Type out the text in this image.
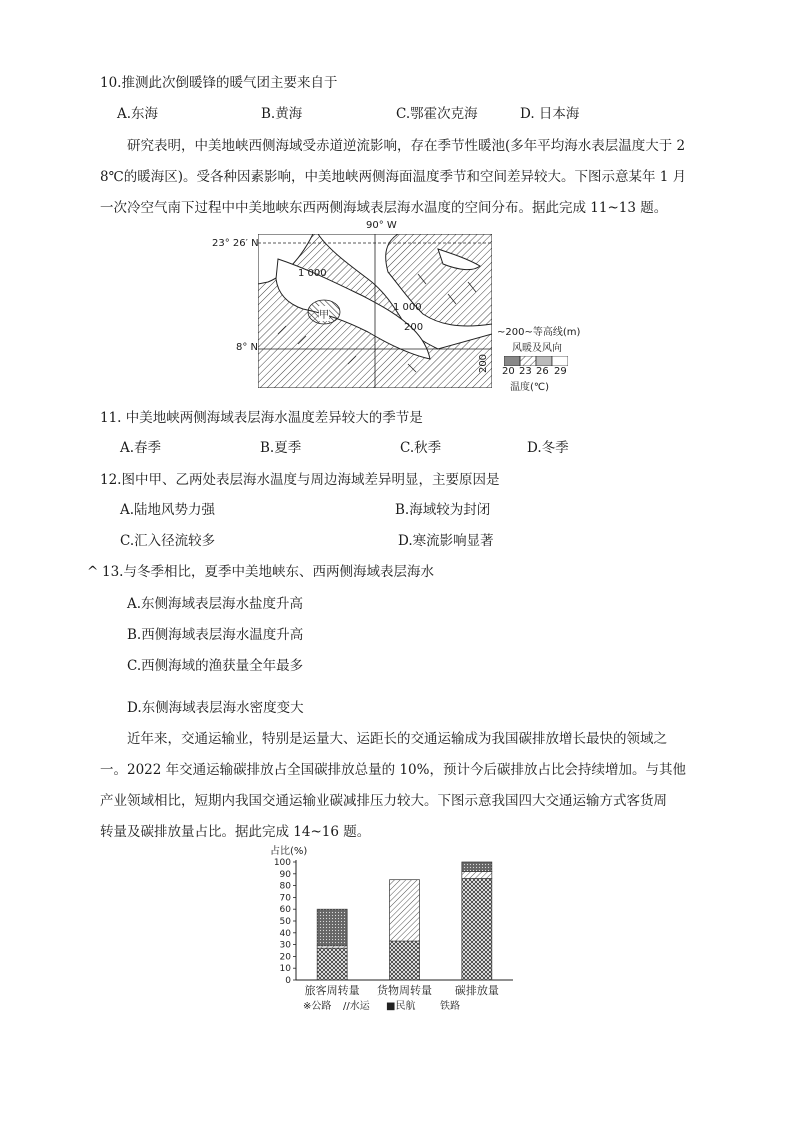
10.推测此次倒暖锋的暖气团主要来自于
A.东海	B.黄海	C.鄂霍次克海	D. 日本海
研究表明，中美地峡西侧海域受赤道逆流影响，存在季节性暖池(多年平均海水表层温度大于 2
8℃的暖海区)。受各种因素影响，中美地峡两侧海面温度季节和空间差异较大。下图示意某年 1 月
一次冷空气南下过程中中美地峡东西两侧海域表层海水温度的空间分布。据此完成 11~13 题。
90° W
1 000
1 000
200
甲
23° 26′ N
8° N
200
~200~等高线(m)
风暖及风向
20 23 26 29
温度(℃)
11. 中美地峡两侧海域表层海水温度差异较大的季节是
A.春季	B.夏季	C.秋季	D.冬季
12.图中甲、乙两处表层海水温度与周边海域差异明显，主要原因是
A.陆地风势力强	B.海域较为封闭
C.汇入径流较多	D.寒流影响显著
^ 13.与冬季相比，夏季中美地峡东、西两侧海域表层海水
A.东侧海域表层海水盐度升高
B.西侧海域表层海水温度升高
C.西侧海域的渔获量全年最多
D.东侧海域表层海水密度变大
近年来，交通运输业，特别是运量大、运距长的交通运输成为我国碳排放增长最快的领域之
一。2022 年交通运输碳排放占全国碳排放总量的 10%，预计今后碳排放占比会持续增加。与其他
产业领域相比，短期内我国交通运输业碳减排压力较大。下图示意我国四大交通运输方式客货周
转量及碳排放量占比。据此完成 14~16 题。
占比(%)
0
10
20
30
40
50
60
70
80
90
100
旅客周转量 货物周转量 碳排放量
※公路 //水运 ■民航 铁路
